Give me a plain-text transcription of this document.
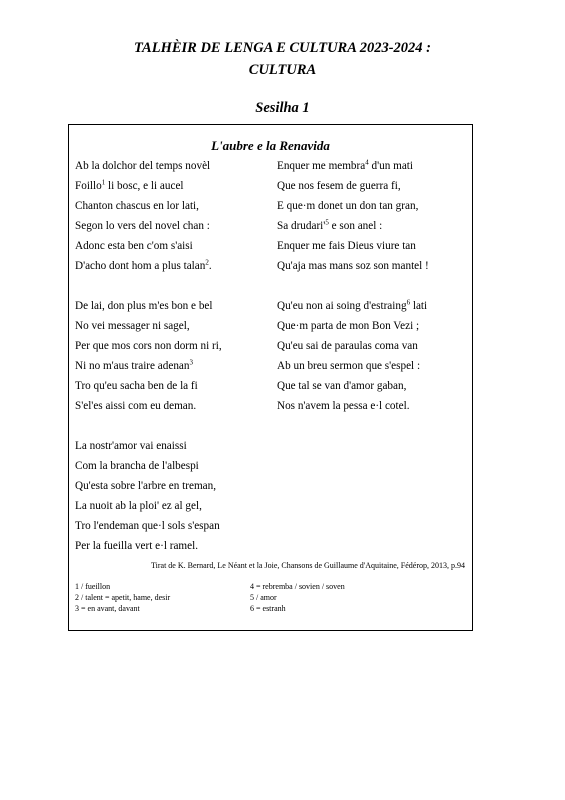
TALHÈIR DE LENGA E CULTURA 2023-2024 :
CULTURA
Sesilha 1
L'aubre e la Renavida
Ab la dolchor del temps novèl
Foillo$^1$ li bosc, e li aucel
Chanton chascus en lor lati,
Segon lo vers del novel chan :
Adonc esta ben c'om s'aisi
D'acho dont hom a plus talan$^2$.
De lai, don plus m'es bon e bel
No vei messager ni sagel,
Per que mos cors non dorm ni ri,
Ni no m'aus traire adenan$^3$
Tro qu'eu sacha ben de la fi
S'el'es aissi com eu deman.
La nostr'amor vai enaissi
Com la brancha de l'albespi
Qu'esta sobre l'arbre en treman,
La nuoit ab la ploi' ez al gel,
Tro l'endeman que·l sols s'espan
Per la fueilla vert e·l ramel.
Enquer me membra$^4$ d'un mati
Que nos fesem de guerra fi,
E que·m donet un don tan gran,
Sa $drudari'^5$ e son anel :
Enquer me fais Dieus viure tan
Qu'aja mas mans soz son mantel !
Qu'eu non ai soing d'estraing$^6$ lati
Que·m parta de mon Bon Vezi ;
Qu'eu sai de paraulas coma van
Ab un breu sermon que s'espel :
Que tal se van d'amor gaban,
Nos n'avem la pessa e·l cotel.
Tirat de K. Bernard, Le Néant et la Joie, Chansons de Guillaume d'Aquitaine, Fédérop, 2013, p.94
1 / fueillon
2 / talent = apetit, hame, desir
3 = en avant, davant
4 = rebremba / sovien / soven
5 / amor
6 = estranh
